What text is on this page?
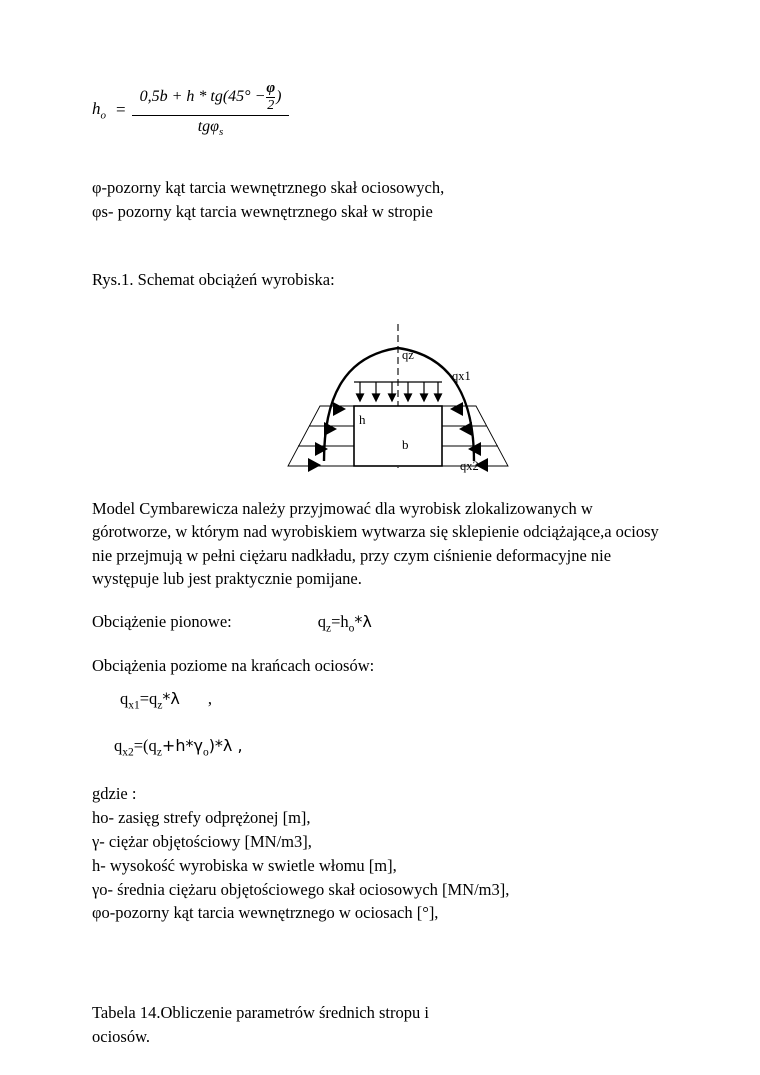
$h_o$ =
0,5b + h * tg(45° −
φ
2
)
tgφ$_s$
φ-pozorny kąt tarcia wewnętrznego skał ociosowych,
φs- pozorny kąt tarcia wewnętrznego skał w stropie
Rys.1. Schemat obciążeń wyrobiska:
qz
qx1
qx2
h
b
Model Cymbarewicza należy przyjmować dla wyrobisk zlokalizowanych w górotworze, w którym nad wyrobiskiem wytwarza się sklepienie odciążające,a ociosy nie przejmują w pełni ciężaru nadkładu, przy czym ciśnienie deformacyjne nie występuje lub jest praktycznie pomijane.
Obciążenie pionowe:	$q_z=h_o*\lambda$
Obciążenia poziome na krańcach ociosów:
$q_{x1}=q_z*\lambda$ ,
$q_{x2}=(q_z+h*\gamma_o)*\lambda$ ,
gdzie :
ho- zasięg strefy odprężonej [m],
γ- ciężar objętościowy [MN/m3],
h- wysokość wyrobiska w swietle włomu [m],
γo- średnia ciężaru objętościowego skał ociosowych [MN/m3],
φo-pozorny kąt tarcia wewnętrznego w ociosach [°],
Tabela 14.Obliczenie parametrów średnich stropu i
ociosów.
